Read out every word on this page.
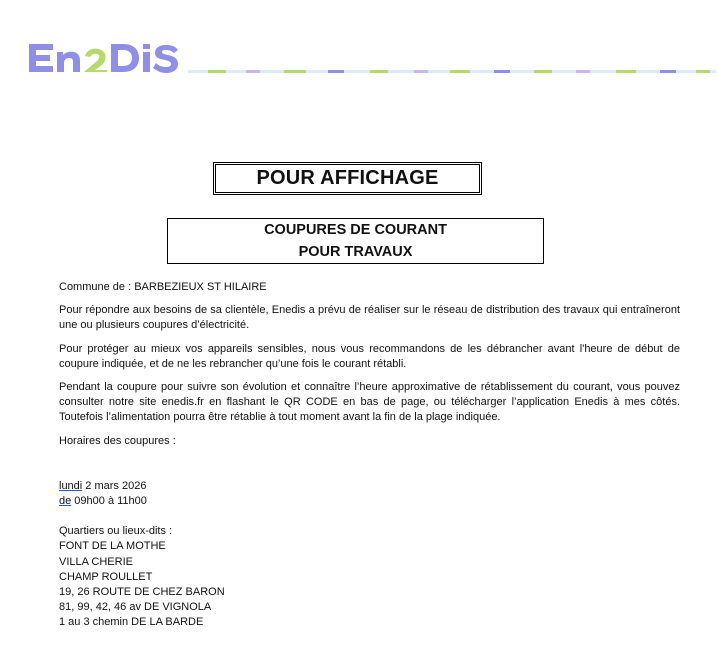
POUR AFFICHAGE
COUPURES DE COURANT
POUR TRAVAUX

Commune de : BARBEZIEUX ST HILAIRE

Pour répondre aux besoins de sa clientèle, Enedis a prévu de réaliser sur le réseau de distribution des travaux qui entraîneront une ou plusieurs coupures d’électricité.

Pour protéger au mieux vos appareils sensibles, nous vous recommandons de les débrancher avant l'heure de début de coupure indiquée, et de ne les rebrancher qu’une fois le courant rétabli.

Pendant la coupure pour suivre son évolution et connaître l’heure approximative de rétablissement du courant, vous pouvez consulter notre site enedis.fr en flashant le QR CODE en bas de page, ou télécharger l’application Enedis à mes côtés. Toutefois l’alimentation pourra être rétablie à tout moment avant la fin de la plage indiquée.

Horaires des coupures :

lundi 2 mars 2026
de 09h00 à 11h00
Quartiers ou lieux-dits :
FONT DE LA MOTHE
VILLA CHERIE
CHAMP ROULLET
19, 26 ROUTE DE CHEZ BARON
81, 99, 42, 46 av DE VIGNOLA
1 au 3 chemin DE LA BARDE
